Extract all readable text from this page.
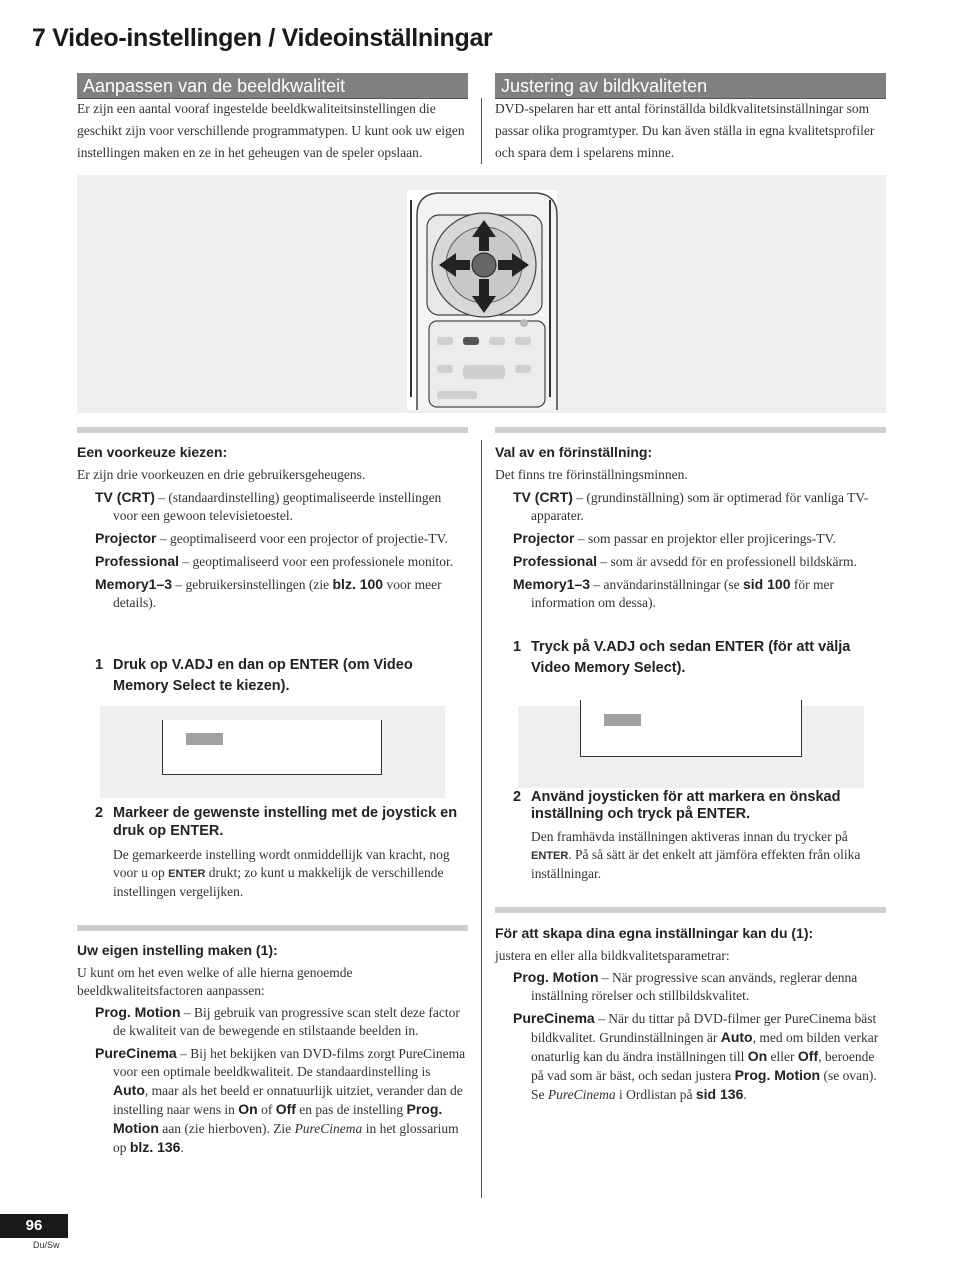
7 Video-instellingen / Videoinställningar
Aanpassen van de beeldkwaliteit	Justering av bildkvaliteten
Er zijn een aantal vooraf ingestelde beeldkwaliteitsinstellingen die geschikt zijn voor verschillende programmatypen. U kunt ook uw eigen instellingen maken en ze in het geheugen van de speler opslaan.
DVD-spelaren har ett antal förinställda bildkvalitetsinställningar som passar olika programtyper. Du kan även ställa in egna kvalitetsprofiler och spara dem i spelarens minne.
Een voorkeuze kiezen:
Er zijn drie voorkeuzen en drie gebruikersgeheugens.

TV (CRT) – (standaardinstelling) geoptimaliseerde instellingen voor een gewoon televisietoestel.

Projector – geoptimaliseerd voor een projector of projectie-TV.

Professional – geoptimaliseerd voor een professionele monitor.

Memory1–3 – gebruikersinstellingen (zie blz. 100 voor meer details).

1 Druk op V.ADJ en dan op ENTER (om Video Memory Select te kiezen).
2 Markeer de gewenste instelling met de joystick en druk op ENTER.
De gemarkeerde instelling wordt onmiddellijk van kracht, nog voor u op ENTER drukt; zo kunt u makkelijk de verschillende instellingen vergelijken.
Uw eigen instelling maken (1):
U kunt om het even welke of alle hierna genoemde beeldkwaliteitsfactoren aanpassen:

Prog. Motion – Bij gebruik van progressive scan stelt deze factor de kwaliteit van de bewegende en stilstaande beelden in.

PureCinema – Bij het bekijken van DVD-films zorgt PureCinema voor een optimale beeldkwaliteit. De standaardinstelling is Auto, maar als het beeld er onnatuurlijk uitziet, verander dan de instelling naar wens in On of Off en pas de instelling Prog. Motion aan (zie hierboven). Zie PureCinema in het glossarium op blz. 136.

Val av en förinställning:
Det finns tre förinställningsminnen.

TV (CRT) – (grundinställning) som är optimerad för vanliga TV-apparater.

Projector – som passar en projektor eller projicerings-TV.

Professional – som är avsedd för en professionell bildskärm.

Memory1–3 – användarinställningar (se sid 100 för mer information om dessa).

1 Tryck på V.ADJ och sedan ENTER (för att välja Video Memory Select).
2 Använd joysticken för att markera en önskad inställning och tryck på ENTER.
Den framhävda inställningen aktiveras innan du trycker på ENTER. På så sätt är det enkelt att jämföra effekten från olika inställningar.
För att skapa dina egna inställningar kan du (1):
justera en eller alla bildkvalitetsparametrar:

Prog. Motion – När progressive scan används, reglerar denna inställning rörelser och stillbildskvalitet.

PureCinema – När du tittar på DVD-filmer ger PureCinema bäst bildkvalitet. Grundinställningen är Auto, med om bilden verkar onaturlig kan du ändra inställningen till On eller Off, beroende på vad som är bäst, och sedan justera Prog. Motion (se ovan). Se PureCinema i Ordlistan på sid 136.

96
Du/Sw
